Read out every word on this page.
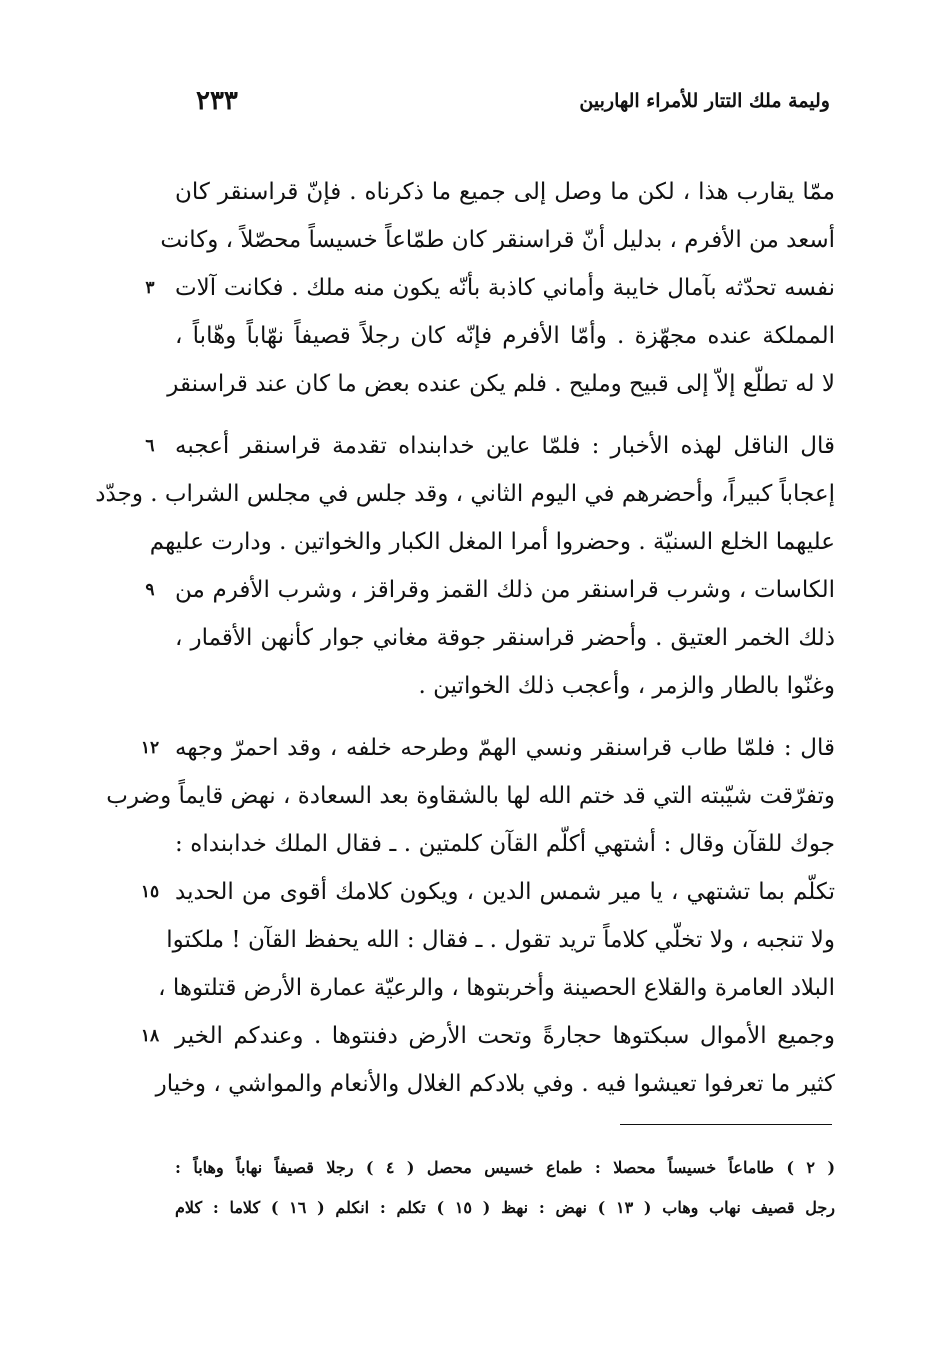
٢٣٣	وليمة ملك التتار للأمراء الهاربين
ممّا يقارب هذا ، لكن ما وصل إلى جميع ما ذكرناه . فإنّ قراسنقر كان
أسعد من الأفرم ، بدليل أنّ قراسنقر كان طمّاعاً خسيساً محصّلاً ، وكانت
نفسه تحدّثه بآمال خايبة وأماني كاذبة بأنّه يكون منه ملك . فكانت آلات
٣
المملكة عنده مجهّزة . وأمّا الأفرم فإنّه كان رجلاً قصيفاً نهّاباً وهّاباً ،
لا له تطلّع إلاّ إلى قبيح ومليح . فلم يكن عنده بعض ما كان عند قراسنقر
قال الناقل لهذه الأخبار : فلمّا عاين خدابنداه تقدمة قراسنقر أعجبه
٦
إعجاباً كبيراً، وأحضرهم في اليوم الثاني ، وقد جلس في مجلس الشراب . وجدّد
عليهما الخلع السنيّة . وحضروا أمرا المغل الكبار والخواتين . ودارت عليهم
الكاسات ، وشرب قراسنقر من ذلك القمز وقراقز ، وشرب الأفرم من
٩
ذلك الخمر العتيق . وأحضر قراسنقر جوقة مغاني جوار كأنهن الأقمار ،
وغنّوا بالطار والزمر ، وأعجب ذلك الخواتين .
قال : فلمّا طاب قراسنقر ونسي الهمّ وطرحه خلفه ، وقد احمرّ وجهه
١٢
وتفرّقت شيّبته التي قد ختم الله لها بالشقاوة بعد السعادة ، نهض قايماً وضرب
جوك للقآن وقال : أشتهي أكلّم القآن كلمتين . ـ فقال الملك خدابنداه :
تكلّم بما تشتهي ، يا مير شمس الدين ، ويكون كلامك أقوى من الحديد
١٥
ولا تنجبه ، ولا تخلّي كلاماً تريد تقول . ـ فقال : الله يحفظ القآن ! ملكتوا
البلاد العامرة والقلاع الحصينة وأخربتوها ، والرعيّة عمارة الأرض قتلتوها ،
وجميع الأموال سبكتوها حجارةً وتحت الأرض دفنتوها . وعندكم الخير
١٨
كثير ما تعرفوا تعيشوا فيه . وفي بلادكم الغلال والأنعام والمواشي ، وخيار
( ٢ ) طاماعاً خسيساً محصلا : طماع خسيس محصل ( ٤ ) رجلا قصيفاً نهاباً وهاباً :
رجل قصيف نهاب وهاب ( ١٣ ) نهض : نهظ ( ١٥ ) تكلم : انكلم ( ١٦ ) كلاما : كلام
